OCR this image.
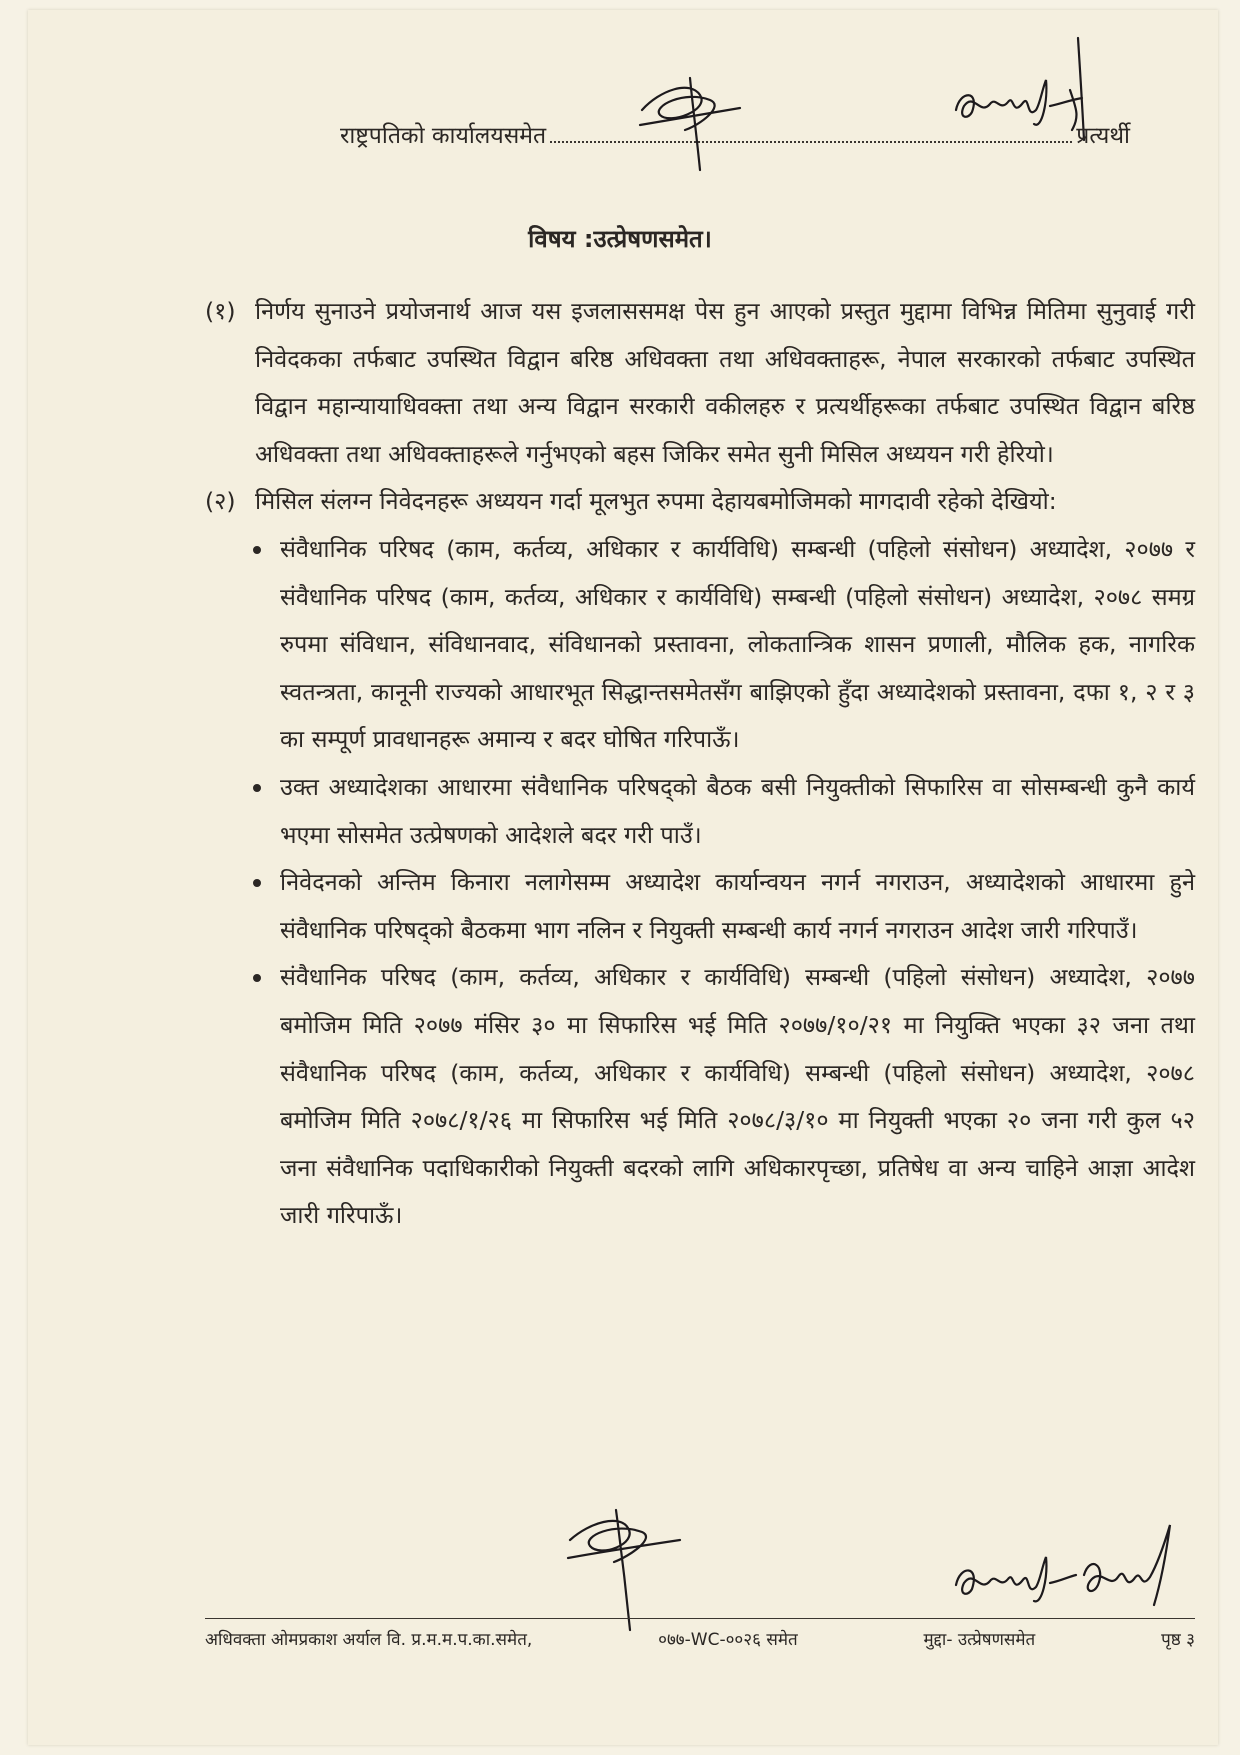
राष्ट्रपतिको कार्यालयसमेत	प्रत्यर्थी
विषय :उत्प्रेषणसमेत।
(१) निर्णय सुनाउने प्रयोजनार्थ आज यस इजलाससमक्ष पेस हुन आएको प्रस्तुत मुद्दामा विभिन्न मितिमा सुनुवाई गरी निवेदकका तर्फबाट उपस्थित विद्वान बरिष्ठ अधिवक्ता तथा अधिवक्ताहरू, नेपाल सरकारको तर्फबाट उपस्थित विद्वान महान्यायाधिवक्ता तथा अन्य विद्वान सरकारी वकीलहरु र प्रत्यर्थीहरूका तर्फबाट उपस्थित विद्वान बरिष्ठ अधिवक्ता तथा अधिवक्ताहरूले गर्नुभएको बहस जिकिर समेत सुनी मिसिल अध्ययन गरी हेरियो।
(२) मिसिल संलग्न निवेदनहरू अध्ययन गर्दा मूलभुत रुपमा देहायबमोजिमको मागदावी रहेको देखियो:
संवैधानिक परिषद (काम, कर्तव्य, अधिकार र कार्यविधि) सम्बन्धी (पहिलो संसोधन) अध्यादेश, २०७७ र संवैधानिक परिषद (काम, कर्तव्य, अधिकार र कार्यविधि) सम्बन्धी (पहिलो संसोधन) अध्यादेश, २०७८ समग्र रुपमा संविधान, संविधानवाद, संविधानको प्रस्तावना, लोकतान्त्रिक शासन प्रणाली, मौलिक हक, नागरिक स्वतन्त्रता, कानूनी राज्यको आधारभूत सिद्धान्तसमेतसँग बाझिएको हुँदा अध्यादेशको प्रस्तावना, दफा १, २ र ३ का सम्पूर्ण प्रावधानहरू अमान्य र बदर घोषित गरिपाऊँ।
उक्त अध्यादेशका आधारमा संवैधानिक परिषद्को बैठक बसी नियुक्तीको सिफारिस वा सोसम्बन्धी कुनै कार्य भएमा सोसमेत उत्प्रेषणको आदेशले बदर गरी पाउँ।
निवेदनको अन्तिम किनारा नलागेसम्म अध्यादेश कार्यान्वयन नगर्न नगराउन, अध्यादेशको आधारमा हुने संवैधानिक परिषद्को बैठकमा भाग नलिन र नियुक्ती सम्बन्धी कार्य नगर्न नगराउन आदेश जारी गरिपाउँ।
संवैधानिक परिषद (काम, कर्तव्य, अधिकार र कार्यविधि) सम्बन्धी (पहिलो संसोधन) अध्यादेश, २०७७ बमोजिम मिति २०७७ मंसिर ३० मा सिफारिस भई मिति २०७७/१०/२१ मा नियुक्ति भएका ३२ जना तथा संवैधानिक परिषद (काम, कर्तव्य, अधिकार र कार्यविधि) सम्बन्धी (पहिलो संसोधन) अध्यादेश, २०७८ बमोजिम मिति २०७८/१/२६ मा सिफारिस भई मिति २०७८/३/१० मा नियुक्ती भएका २० जना गरी कुल ५२ जना संवैधानिक पदाधिकारीको नियुक्ती बदरको लागि अधिकारपृच्छा, प्रतिषेध वा अन्य चाहिने आज्ञा आदेश जारी गरिपाऊँ।
अधिवक्ता ओमप्रकाश अर्याल वि. प्र.म.म.प.का.समेत,	०७७-WC-००२६ समेत	मुद्दा- उत्प्रेषणसमेत	पृष्ठ ३
